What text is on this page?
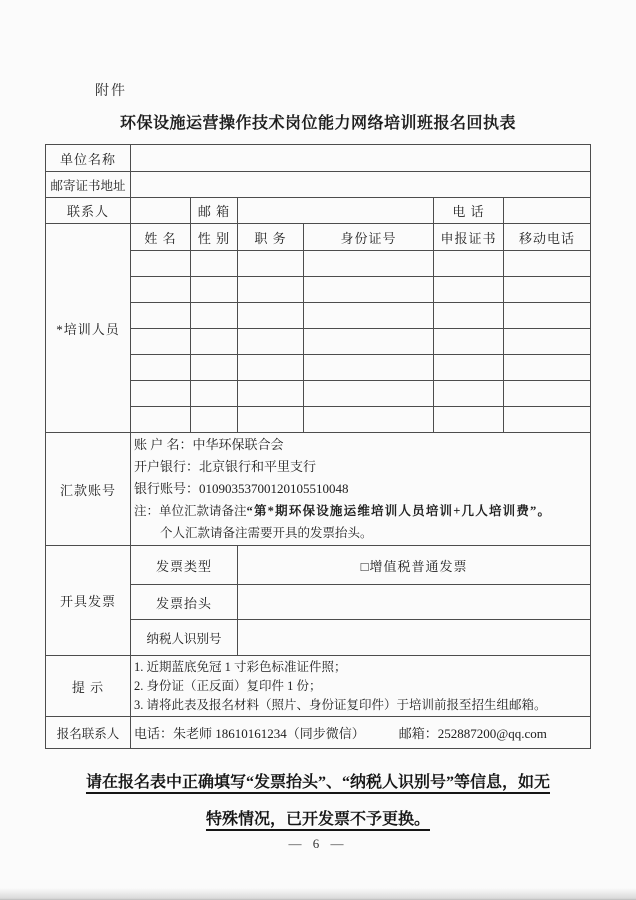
附件
环保设施运营操作技术岗位能力网络培训班报名回执表
单位名称						
邮寄证书地址						
联系人		邮 箱			电 话	
*培训人员	姓 名	性 别	职 务	身份证号	申报证书	移动电话

汇款账号	账 户 名：中华环保联合会
开户银行：北京银行和平里支行
银行账号：01090353700120105510048
注：单位汇款请备注“第*期环保设施运维培训人员培训+几人培训费”。
个人汇款请备注需要开具的发票抬头。					

开具发票	发票类型		□增值税普通发票			
	发票抬头					
	纳税人识别号					
提 示	1. 近期蓝底免冠 1 寸彩色标准证件照；
2. 身份证（正反面）复印件 1 份；
3. 请将此表及报名材料（照片、身份证复印件）于培训前报至招生组邮箱。					

报名联系人	电话：朱老师 18610161234（同步微信） 邮箱：252887200@qq.com					
请在报名表中正确填写“发票抬头”、“纳税人识别号”等信息，如无
特殊情况，已开发票不予更换。
— 6 —
